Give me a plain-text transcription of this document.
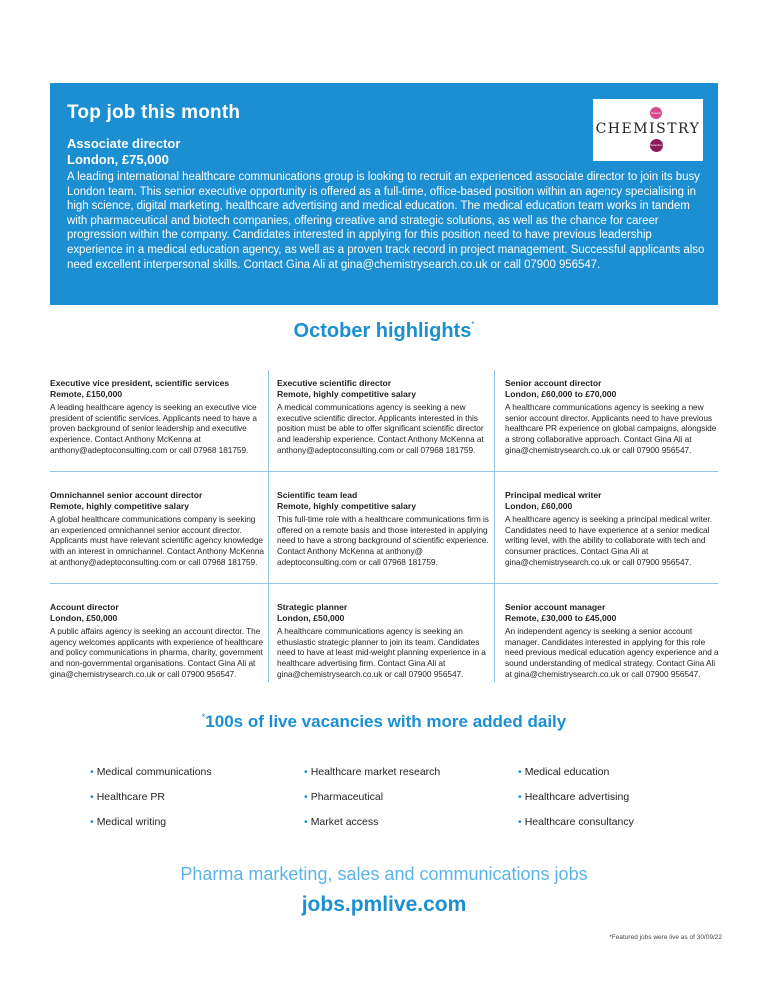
Top job this month
Associate director
London, £75,000

A leading international healthcare communications group is looking to recruit an experienced associate director to join its busy London team. This senior executive opportunity is offered as a full-time, office-based position within an agency specialising in high science, digital marketing, healthcare advertising and medical education. The medical education team works in tandem with pharmaceutical and biotech companies, offering creative and strategic solutions, as well as the chance for career progression within the company. Candidates interested in applying for this position need to have previous leadership experience in a medical education agency, as well as a proven track record in project management. Successful applicants also need excellent interpersonal skills. Contact Gina Ali at gina@chemistrysearch.co.uk or call 07900 956547.

Search
CHEMISTRY
Selection
October highlights*
Executive vice president, scientific services
Remote, £150,000
A leading healthcare agency is seeking an executive vice president of scientific services. Applicants need to have a proven background of senior leadership and executive experience. Contact Anthony McKenna at anthony@adeptoconsulting.com or call 07968 181759.
Executive scientific director
Remote, highly competitive salary
A medical communications agency is seeking a new executive scientific director. Applicants interested in this position must be able to offer significant scientific director and leadership experience. Contact Anthony McKenna at anthony@adeptoconsulting.com or call 07968 181759.
Senior account director
London, £60,000 to £70,000
A healthcare communications agency is seeking a new senior account director. Applicants need to have previous healthcare PR experience on global campaigns, alongside a strong collaborative approach. Contact Gina Ali at gina@chemistrysearch.co.uk or call 07900 956547.
Omnichannel senior account director
Remote, highly competitive salary
A global healthcare communications company is seeking an experienced omnichannel senior account director. Applicants must have relevant scientific agency knowledge with an interest in omnichannel. Contact Anthony McKenna at anthony@adeptoconsulting.com or call 07968 181759.
Scientific team lead
Remote, highly competitive salary
This full-time role with a healthcare communications firm is offered on a remote basis and those interested in applying need to have a strong background of scientific experience. Contact Anthony McKenna at anthony@ adeptoconsulting.com or call 07968 181759.
Principal medical writer
London, £60,000
A healthcare agency is seeking a principal medical writer. Candidates need to have experience at a senior medical writing level, with the ability to collaborate with tech and consumer practices. Contact Gina Ali at gina@chemistrysearch.co.uk or call 07900 956547.
Account director
London, £50,000
A public affairs agency is seeking an account director. The agency welcomes applicants with experience of healthcare and policy communications in pharma, charity, government and non-governmental organisations. Contact Gina Ali at gina@chemistrysearch.co.uk or call 07900 956547.
Strategic planner
London, £50,000
A healthcare communications agency is seeking an ethusiastic strategic planner to join its team. Candidates need to have at least mid-weight planning experience in a healthcare advertising firm. Contact Gina Ali at gina@chemistrysearch.co.uk or call 07900 956547.
Senior account manager
Remote, £30,000 to £45,000
An independent agency is seeking a senior account manager. Candidates interested in applying for this role need previous medical education agency experience and a sound understanding of medical strategy. Contact Gina Ali at gina@chemistrysearch.co.uk or call 07900 956547.
*100s of live vacancies with more added daily
• Medical communications	• Healthcare market research	• Medical education
• Healthcare PR	• Pharmaceutical	• Healthcare advertising
• Medical writing	• Market access	• Healthcare consultancy
Pharma marketing, sales and communications jobs
jobs.pmlive.com
*Featured jobs were live as of 30/09/22
